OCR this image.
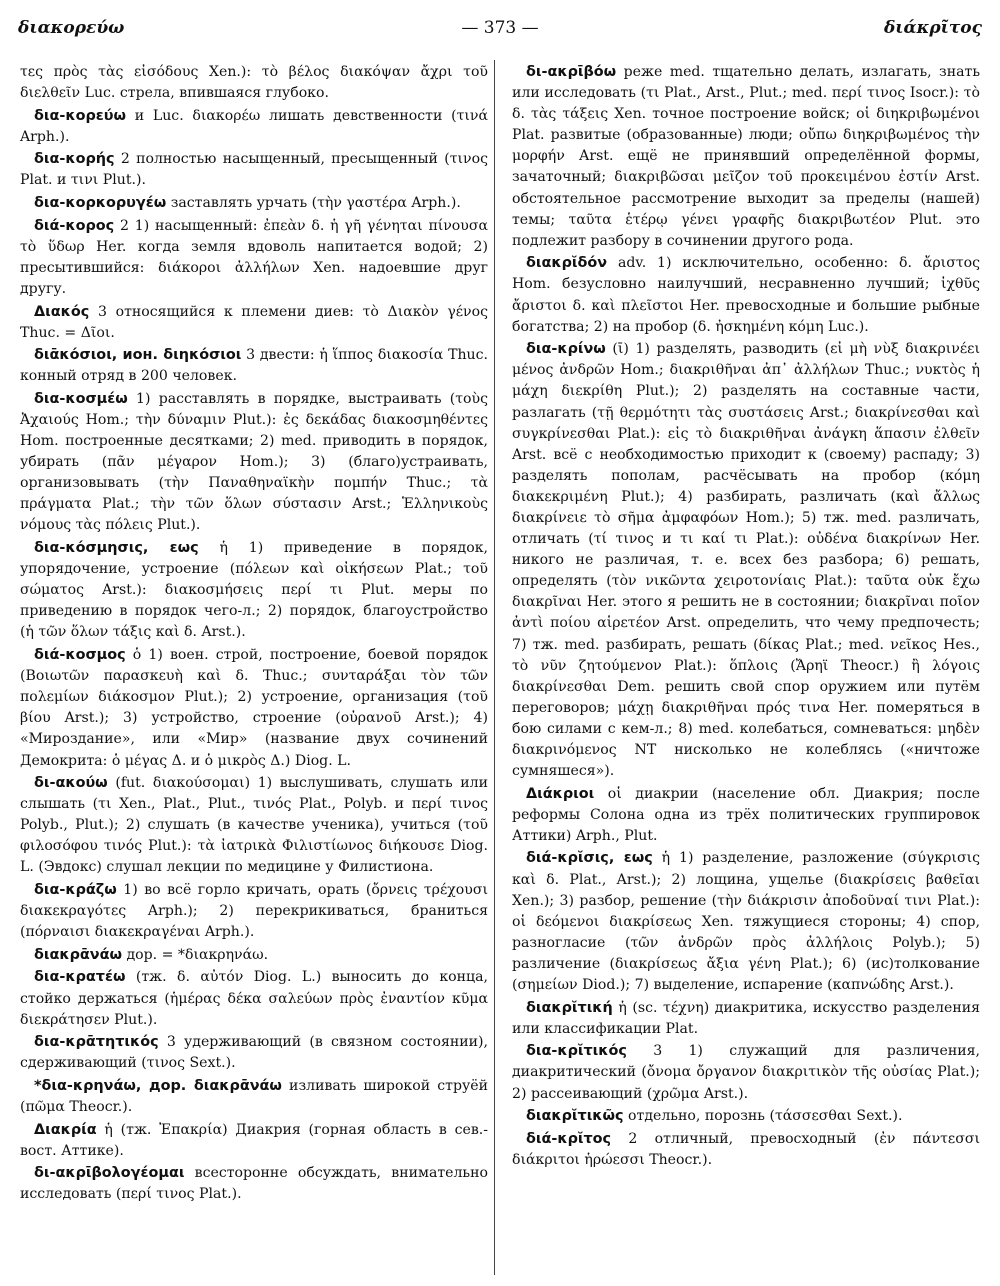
διακορεύω	— 373 —	διάκρῖτος

τες πρὸς τὰς εἰσόδους Xen.): τὸ βέλος διακόψαν ἄχρι τοῦ διελθεῖν Luc. стрела, впившаяся глубоко.

δια-κορεύω и Luc. διακορέω лишать девственности (τινά Arph.).

δια-κορής 2 полностью насыщенный, пресыщенный (τινος Plat. и τινι Plut.).

δια-κορκορυγέω заставлять урчать (τὴν γαστέρα Arph.).

διά-κορος 2 1) насыщенный: ἐπεὰν δ. ἡ γῆ γένηται πίνουσα τὸ ὕδωρ Her. когда земля вдоволь напитается водой; 2) пресытившийся: διάκοροι ἀλλήλων Xen. надоевшие друг другу.

Διακός 3 относящийся к племени диев: τὸ Διακὸν γένος Thuc. = Δῖοι.

διᾱκόσιοι, ион. διηκόσιοι 3 двести: ἡ ἵππος διακοσία Thuc. конный отряд в 200 человек.

δια-κοσμέω 1) расставлять в порядке, выстраивать (τοὺς Ἀχαιούς Hom.; τὴν δύναμιν Plut.): ἐς δεκάδας διακοσμηθέντες Hom. построенные десятками; 2) med. приводить в порядок, убирать (πᾶν μέγαρον Hom.); 3) (благо)устраивать, организовывать (τὴν Παναθηναϊκὴν πομπήν Thuc.; τὰ πράγματα Plat.; τὴν τῶν ὅλων σύστασιν Arst.; Ἑλληνικοὺς νόμους τὰς πόλεις Plut.).

δια-κόσμησις, εως ἡ 1) приведение в порядок, упорядочение, устроение (πόλεων καὶ οἰκήσεων Plat.; τοῦ σώματος Arst.): διακοσμήσεις περί τι Plut. меры по приведению в порядок чего-л.; 2) порядок, благоустройство (ἡ τῶν ὅλων τάξις καὶ δ. Arst.).

διά-κοσμος ὁ 1) воен. строй, построение, боевой порядок (Βοιωτῶν παρασκευὴ καὶ δ. Thuc.; συνταράξαι τὸν τῶν πολεμίων διάκοσμον Plut.); 2) устроение, организация (τοῦ βίου Arst.); 3) устройство, строение (οὐρανοῦ Arst.); 4) «Мироздание», или «Мир» (название двух сочинений Демокрита: ὁ μέγας Δ. и ὁ μικρὸς Δ.) Diog. L.

δι-ακούω (fut. διακούσομαι) 1) выслушивать, слушать или слышать (τι Xen., Plat., Plut., τινός Plat., Polyb. и περί τινος Polyb., Plut.); 2) слушать (в качестве ученика), учиться (τοῦ φιλοσόφου τινός Plut.): τὰ ἰατρικὰ Φιλιστίωνος διήκουσε Diog. L. (Эвдокс) слушал лекции по медицине у Филистиона.

δια-κράζω 1) во всё горло кричать, орать (ὄρνεις τρέχουσι διακεκραγότες Arph.); 2) перекрикиваться, браниться (πόρναισι διακεκραγέναι Arph.).

διακρᾱνάω дор. = *διακρηνάω.

δια-κρατέω (тж. δ. αὐτόν Diog. L.) выносить до конца, стойко держаться (ἡμέρας δέκα σαλεύων πρὸς ἐναντίον κῦμα διεκράτησεν Plut.).

δια-κρᾱτητικός 3 удерживающий (в связном состоянии), сдерживающий (τινος Sext.).

*δια-κρηνάω, дор. διακρᾱνάω изливать широкой струёй (πῶμα Theocr.).

Διακρία ἡ (тж. Ἐπακρία) Диакрия (горная область в сев.-вост. Аттике).

δι-ακρῑβολογέομαι всесторонне обсуждать, внимательно исследовать (περί τινος Plat.).

δι-ακρῑβόω реже med. тщательно делать, излагать, знать или исследовать (τι Plat., Arst., Plut.; med. περί τινος Isocr.): τὸ δ. τὰς τάξεις Xen. точное построение войск; οἱ διηκριβωμένοι Plat. развитые (образованные) люди; οὔπω διηκριβωμένος τὴν μορφήν Arst. ещё не принявший определённой формы, зачаточный; διακριβῶσαι μεῖζον τοῦ προκειμένου ἐστίν Arst. обстоятельное рассмотрение выходит за пределы (нашей) темы; ταῦτα ἑτέρῳ γένει γραφῆς διακριβωτέον Plut. это подлежит разбору в сочинении другого рода.

διακρῐδόν adv. 1) исключительно, особенно: δ. ἄριστος Hom. безусловно наилучший, несравненно лучший; ἰχθῦς ἄριστοι δ. καὶ πλεῖστοι Her. превосходные и большие рыбные богатства; 2) на пробор (δ. ἠσκημένη κόμη Luc.).

δια-κρίνω (ῑ) 1) разделять, разводить (εἰ μὴ νὺξ διακρινέει μένος ἀνδρῶν Hom.; διακριθῆναι ἀπ᾽ ἀλλήλων Thuc.; νυκτὸς ἡ μάχη διεκρίθη Plut.); 2) разделять на составные части, разлагать (τῇ θερμότητι τὰς συστάσεις Arst.; διακρίνεσθαι καὶ συγκρίνεσθαι Plat.): εἰς τὸ διακριθῆναι ἀνάγκη ἅπασιν ἐλθεῖν Arst. всё с необходимостью приходит к (своему) распаду; 3) разделять пополам, расчёсывать на пробор (κόμη διακεκριμένη Plut.); 4) разбирать, различать (καὶ ἄλλως διακρίνειε τὸ σῆμα ἀμφαφόων Hom.); 5) тж. med. различать, отличать (τί τινος и τι καί τι Plat.): οὐδένα διακρίνων Her. никого не различая, т. е. всех без разбора; 6) решать, определять (τὸν νικῶντα χειροτονίαις Plat.): ταῦτα οὐκ ἔχω διακρῖναι Her. этого я решить не в состоянии; διακρῖναι ποῖον ἀντὶ ποίου αἱρετέον Arst. определить, что чему предпочесть; 7) тж. med. разбирать, решать (δίκας Plat.; med. νεῖκος Hes., τὸ νῦν ζητούμενον Plat.): ὅπλοις (Ἄρηϊ Theocr.) ἢ λόγοις διακρίνεσθαι Dem. решить свой спор оружием или путём переговоров; μάχῃ διακριθῆναι πρός τινα Her. померяться в бою силами с кем-л.; 8) med. колебаться, сомневаться: μηδὲν διακρινόμενος NT нисколько не колеблясь («ничтоже сумняшеся»).

Διάκριοι οἱ диакрии (население обл. Диакрия; после реформы Солона одна из трёх политических группировок Аттики) Arph., Plut.

διά-κρῐσις, εως ἡ 1) разделение, разложение (σύγκρισις καὶ δ. Plat., Arst.); 2) лощина, ущелье (διακρίσεις βαθεῖαι Xen.); 3) разбор, решение (τὴν διάκρισιν ἀποδοῦναί τινι Plat.): οἱ δεόμενοι διακρίσεως Xen. тяжущиеся стороны; 4) спор, разногласие (τῶν ἀνδρῶν πρὸς ἀλλήλοις Polyb.); 5) различение (διακρίσεως ἄξια γένη Plat.); 6) (ис)толкование (σημείων Diod.); 7) выделение, испарение (καπνώδης Arst.).

διακρῐτική ἡ (sc. τέχνη) диакритика, искусство разделения или классификации Plat.

δια-κρῐτικός 3 1) служащий для различения, диакритический (ὄνομα ὄργανον διακριτικὸν τῆς οὐσίας Plat.); 2) рассеивающий (χρῶμα Arst.).

διακρῐτικῶς отдельно, порознь (τάσσεσθαι Sext.).

διά-κρῐτος 2 отличный, превосходный (ἐν πάντεσσι διάκριτοι ἡρώεσσι Theocr.).
